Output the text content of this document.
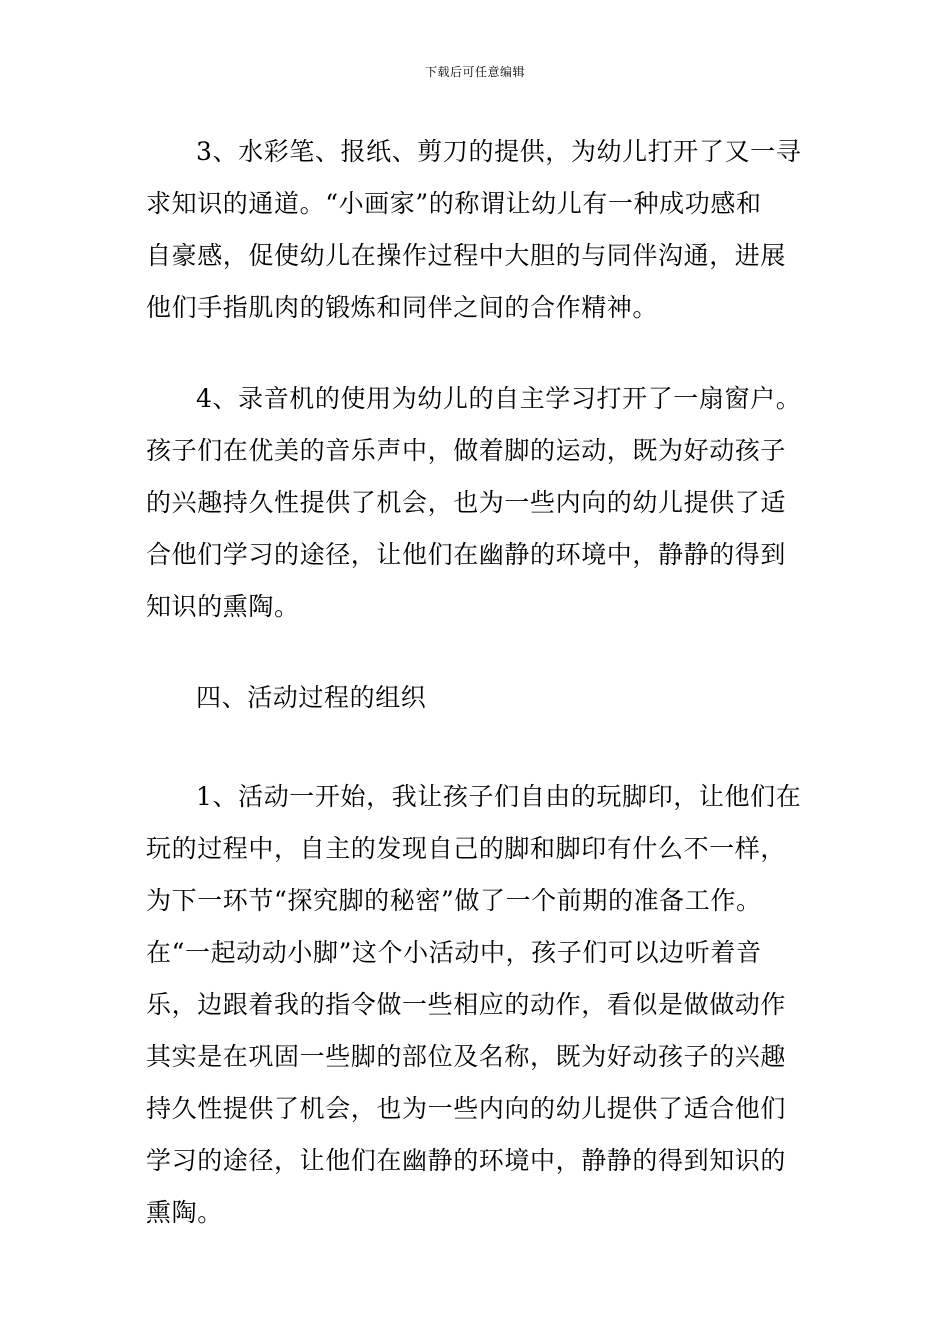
下载后可任意编辑
3、水彩笔、报纸、剪刀的提供，为幼儿打开了又一寻
求知识的通道。“小画家”的称谓让幼儿有一种成功感和
自豪感，促使幼儿在操作过程中大胆的与同伴沟通，进展
他们手指肌肉的锻炼和同伴之间的合作精神。
4、录音机的使用为幼儿的自主学习打开了一扇窗户。
孩子们在优美的音乐声中，做着脚的运动，既为好动孩子
的兴趣持久性提供了机会，也为一些内向的幼儿提供了适
合他们学习的途径，让他们在幽静的环境中，静静的得到
知识的熏陶。
四、活动过程的组织
1、活动一开始，我让孩子们自由的玩脚印，让他们在
玩的过程中，自主的发现自己的脚和脚印有什么不一样，
为下一环节“探究脚的秘密”做了一个前期的准备工作。
在“一起动动小脚”这个小活动中，孩子们可以边听着音
乐，边跟着我的指令做一些相应的动作，看似是做做动作
其实是在巩固一些脚的部位及名称，既为好动孩子的兴趣
持久性提供了机会，也为一些内向的幼儿提供了适合他们
学习的途径，让他们在幽静的环境中，静静的得到知识的
熏陶。
